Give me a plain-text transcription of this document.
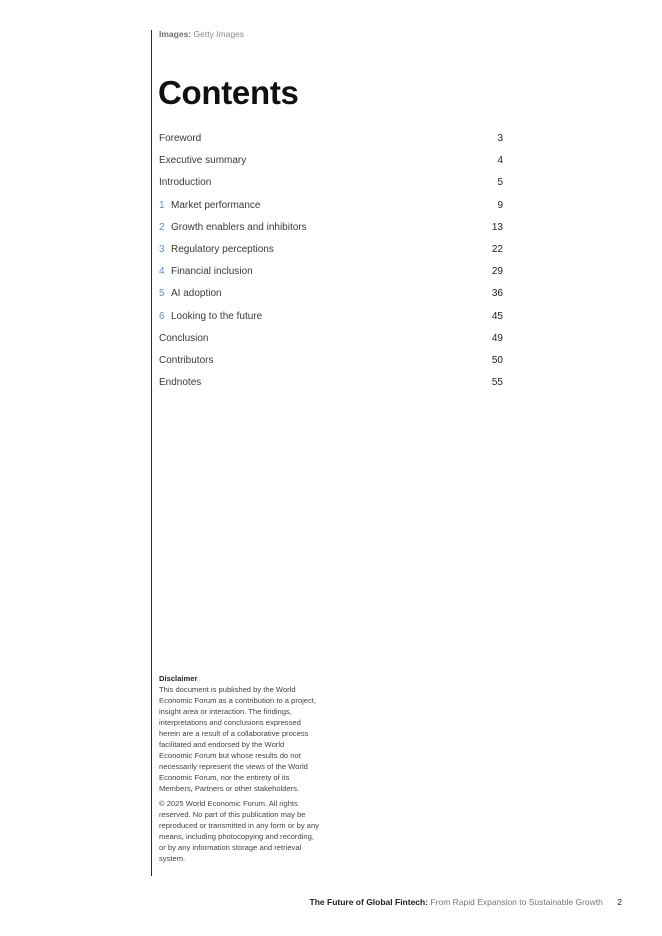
Images: Getty Images
Contents
Foreword	3
Executive summary	4
Introduction	5
1 Market performance	9
2 Growth enablers and inhibitors	13
3 Regulatory perceptions	22
4 Financial inclusion	29
5 AI adoption	36
6 Looking to the future	45
Conclusion	49
Contributors	50
Endnotes	55

Disclaimer

This document is published by the World Economic Forum as a contribution to a project, insight area or interaction. The findings, interpretations and conclusions expressed herein are a result of a collaborative process facilitated and endorsed by the World Economic Forum but whose results do not necessarily represent the views of the World Economic Forum, nor the entirety of its Members, Partners or other stakeholders.

© 2025 World Economic Forum. All rights reserved. No part of this publication may be reproduced or transmitted in any form or by any means, including photocopying and recording, or by any information storage and retrieval system.

The Future of Global Fintech: From Rapid Expansion to Sustainable Growth 2
